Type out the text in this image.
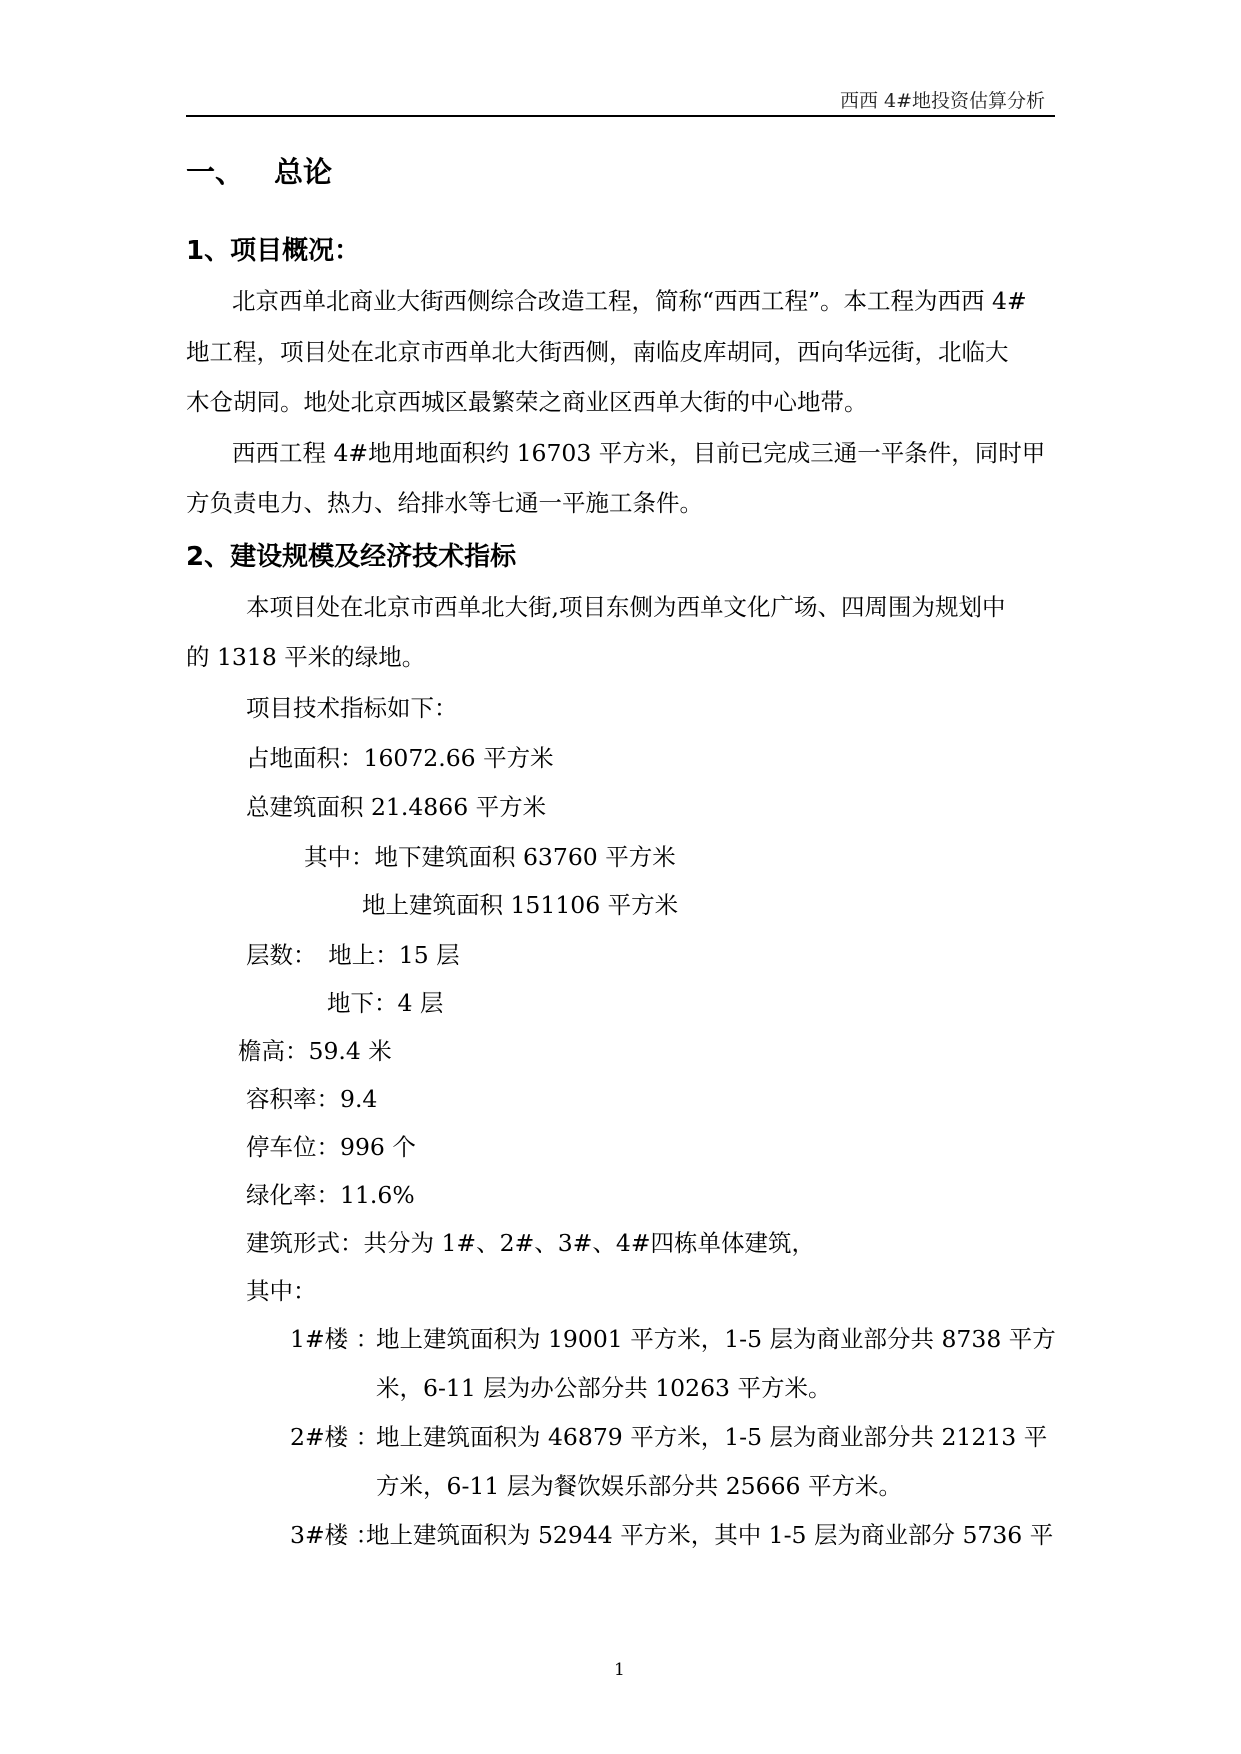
西西 4#地投资估算分析
一、 总论
1、项目概况：
北京西单北商业大街西侧综合改造工程，简称“西西工程”。本工程为西西 4#
地工程，项目处在北京市西单北大街西侧，南临皮库胡同，西向华远街，北临大
木仓胡同。地处北京西城区最繁荣之商业区西单大街的中心地带。
西西工程 4#地用地面积约 16703 平方米，目前已完成三通一平条件，同时甲
方负责电力、热力、给排水等七通一平施工条件。
2、建设规模及经济技术指标
本项目处在北京市西单北大街,项目东侧为西单文化广场、四周围为规划中
的 1318 平米的绿地。
项目技术指标如下：
占地面积：16072.66 平方米
总建筑面积 21.4866 平方米
其中：地下建筑面积 63760 平方米
地上建筑面积 151106 平方米
层数：　地上：15 层
地下：4 层
檐高：59.4 米
容积率：9.4
停车位：996 个
绿化率：11.6%
建筑形式：共分为 1#、2#、3#、4#四栋单体建筑，
其中：
1#楼 ：
地上建筑面积为 19001 平方米，1-5 层为商业部分共 8738 平方
米，6-11 层为办公部分共 10263 平方米。
2#楼 ：
地上建筑面积为 46879 平方米，1-5 层为商业部分共 21213 平
方米，6-11 层为餐饮娱乐部分共 25666 平方米。
3#楼 ：
地上建筑面积为 52944 平方米，其中 1-5 层为商业部分 5736 平
1
